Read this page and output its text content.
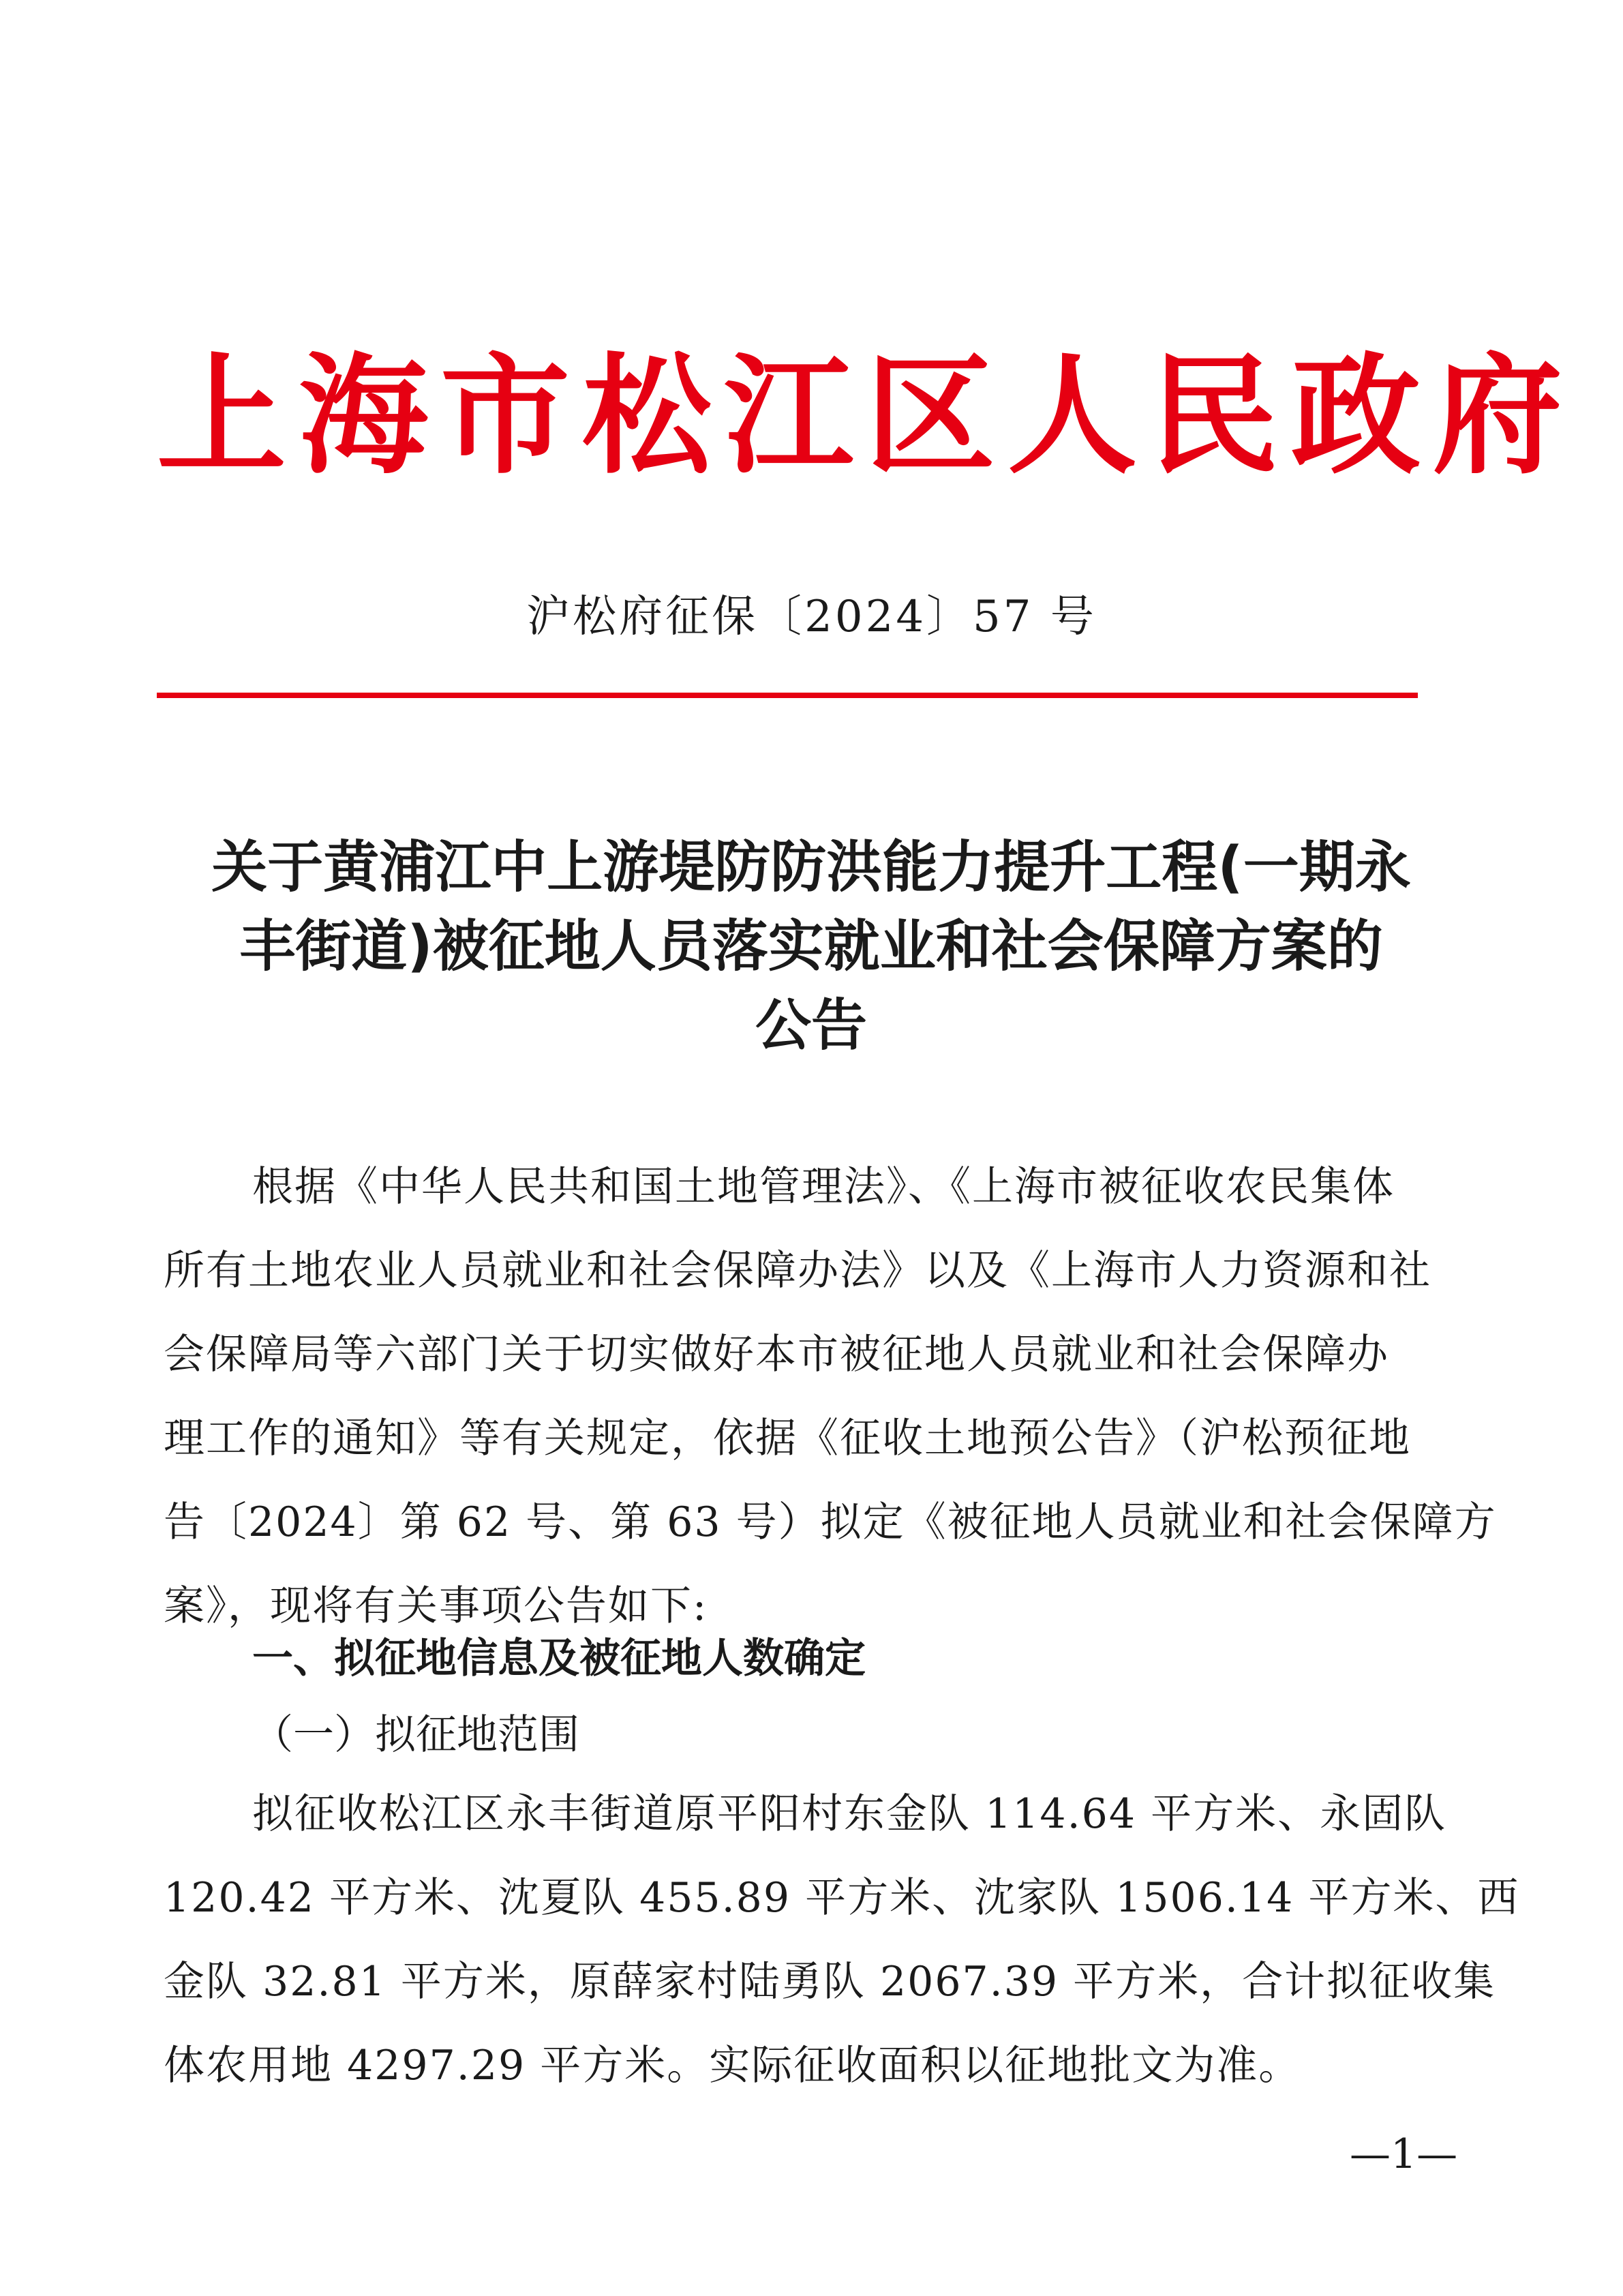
上海市松江区人民政府
沪松府征保〔2024〕57 号
关于黄浦江中上游堤防防洪能力提升工程(一期永
丰街道)被征地人员落实就业和社会保障方案的
公告
根据《中华人民共和国土地管理法》、《上海市被征收农民集体
所有土地农业人员就业和社会保障办法》以及《上海市人力资源和社
会保障局等六部门关于切实做好本市被征地人员就业和社会保障办
理工作的通知》等有关规定，依据《征收土地预公告》（沪松预征地
告〔2024〕第 62 号、第 63 号）拟定《被征地人员就业和社会保障方
案》，现将有关事项公告如下:
一、拟征地信息及被征地人数确定
（一）拟征地范围
拟征收松江区永丰街道原平阳村东金队 114.64 平方米、永固队
120.42 平方米、沈夏队 455.89 平方米、沈家队 1506.14 平方米、西
金队 32.81 平方米，原薛家村陆勇队 2067.39 平方米，合计拟征收集
体农用地 4297.29 平方米。实际征收面积以征地批文为准。
—1—
